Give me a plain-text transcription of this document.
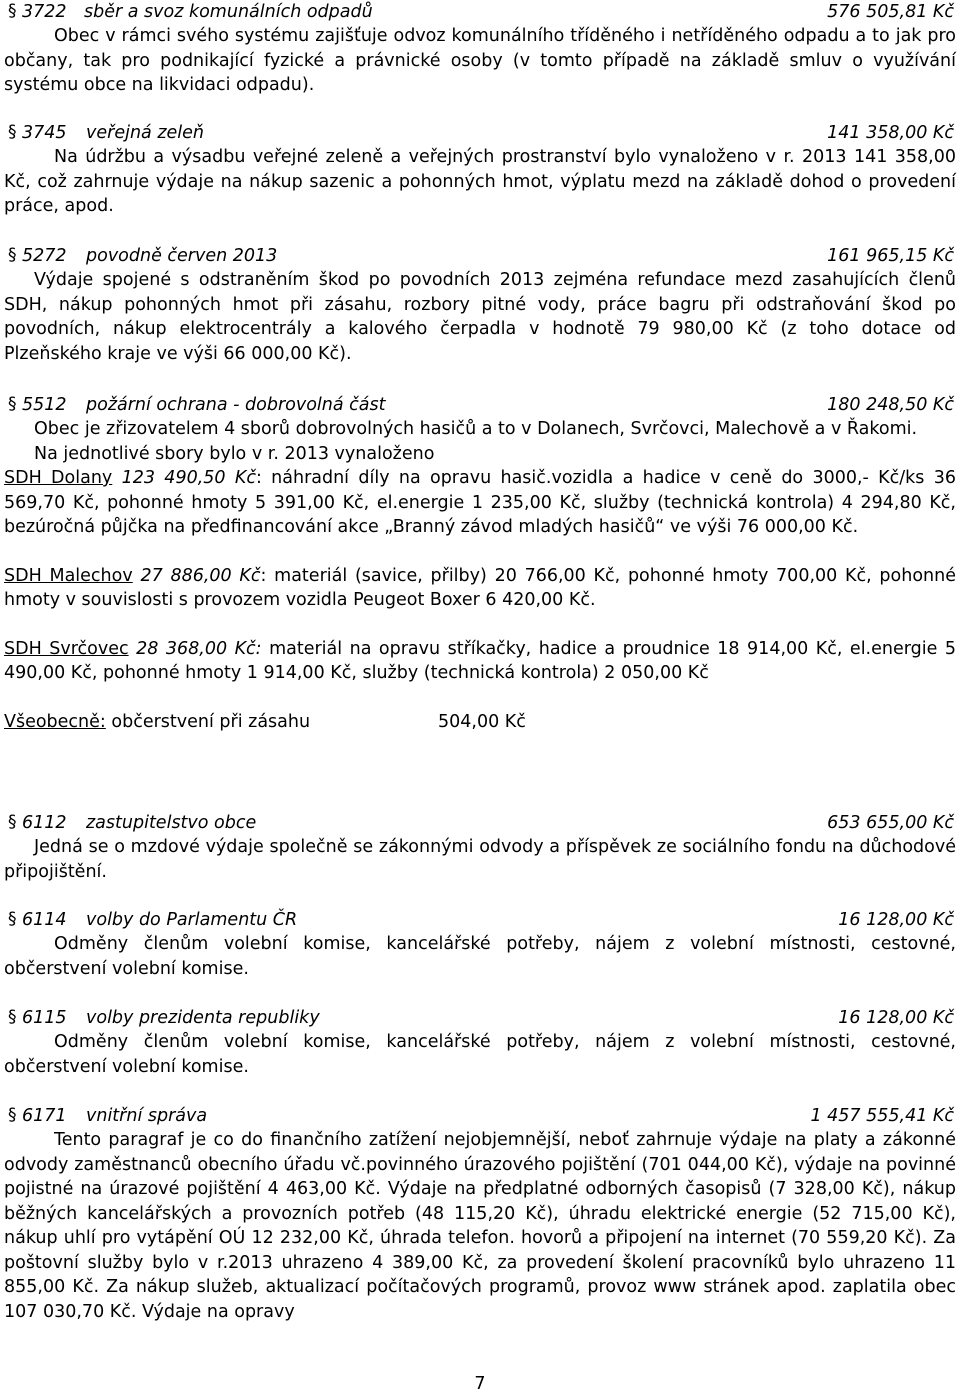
§ 3722 sběr a svoz komunálních odpadů	576 505,81 Kč

Obec v rámci svého systému zajišťuje odvoz komunálního tříděného i netříděného odpadu a to jak pro občany, tak pro podnikající fyzické a právnické osoby (v tomto případě na základě smluv o využívání systému obce na likvidaci odpadu).

§ 3745 veřejná zeleň	141 358,00 Kč

Na údržbu a výsadbu veřejné zeleně a veřejných prostranství bylo vynaloženo v r. 2013 141 358,00 Kč, což zahrnuje výdaje na nákup sazenic a pohonných hmot, výplatu mezd na základě dohod o provedení práce, apod.

§ 5272 povodně červen 2013	161 965,15 Kč

Výdaje spojené s odstraněním škod po povodních 2013 zejména refundace mezd zasahujících členů SDH, nákup pohonných hmot při zásahu, rozbory pitné vody, práce bagru při odstraňování škod po povodních, nákup elektrocentrály a kalového čerpadla v hodnotě 79 980,00 Kč (z toho dotace od Plzeňského kraje ve výši 66 000,00 Kč).

§ 5512 požární ochrana - dobrovolná část	180 248,50 Kč

Obec je zřizovatelem 4 sborů dobrovolných hasičů a to v Dolanech, Svrčovci, Malechově a v Řakomi.

Na jednotlivé sbory bylo v r. 2013 vynaloženo

SDH Dolany 123 490,50 Kč: náhradní díly na opravu hasič.vozidla a hadice v ceně do 3000,- Kč/ks 36 569,70 Kč, pohonné hmoty 5 391,00 Kč, el.energie 1 235,00 Kč, služby (technická kontrola) 4 294,80 Kč, bezúročná půjčka na předfinancování akce „Branný závod mladých hasičů“ ve výši 76 000,00 Kč.

SDH Malechov 27 886,00 Kč: materiál (savice, přilby) 20 766,00 Kč, pohonné hmoty 700,00 Kč, pohonné hmoty v souvislosti s provozem vozidla Peugeot Boxer 6 420,00 Kč.

SDH Svrčovec 28 368,00 Kč: materiál na opravu stříkačky, hadice a proudnice 18 914,00 Kč, el.energie 5 490,00 Kč, pohonné hmoty 1 914,00 Kč, služby (technická kontrola) 2 050,00 Kč

Všeobecně: občerstvení při zásahu	504,00 Kč

§ 6112 zastupitelstvo obce	653 655,00 Kč

Jedná se o mzdové výdaje společně se zákonnými odvody a příspěvek ze sociálního fondu na důchodové připojištění.

§ 6114 volby do Parlamentu ČR	16 128,00 Kč

Odměny členům volební komise, kancelářské potřeby, nájem z volební místnosti, cestovné, občerstvení volební komise.

§ 6115 volby prezidenta republiky	16 128,00 Kč

Odměny členům volební komise, kancelářské potřeby, nájem z volební místnosti, cestovné, občerstvení volební komise.

§ 6171 vnitřní správa	1 457 555,41 Kč

Tento paragraf je co do finančního zatížení nejobjemnější, neboť zahrnuje výdaje na platy a zákonné odvody zaměstnanců obecního úřadu vč.povinného úrazového pojištění (701 044,00 Kč), výdaje na povinné pojistné na úrazové pojištění 4 463,00 Kč. Výdaje na předplatné odborných časopisů (7 328,00 Kč), nákup běžných kancelářských a provozních potřeb (48 115,20 Kč), úhradu elektrické energie (52 715,00 Kč), nákup uhlí pro vytápění OÚ 12 232,00 Kč, úhrada telefon. hovorů a připojení na internet (70 559,20 Kč). Za poštovní služby bylo v r.2013 uhrazeno 4 389,00 Kč, za provedení školení pracovníků bylo uhrazeno 11 855,00 Kč. Za nákup služeb, aktualizací počítačových programů, provoz www stránek apod. zaplatila obec 107 030,70 Kč. Výdaje na opravy

7
